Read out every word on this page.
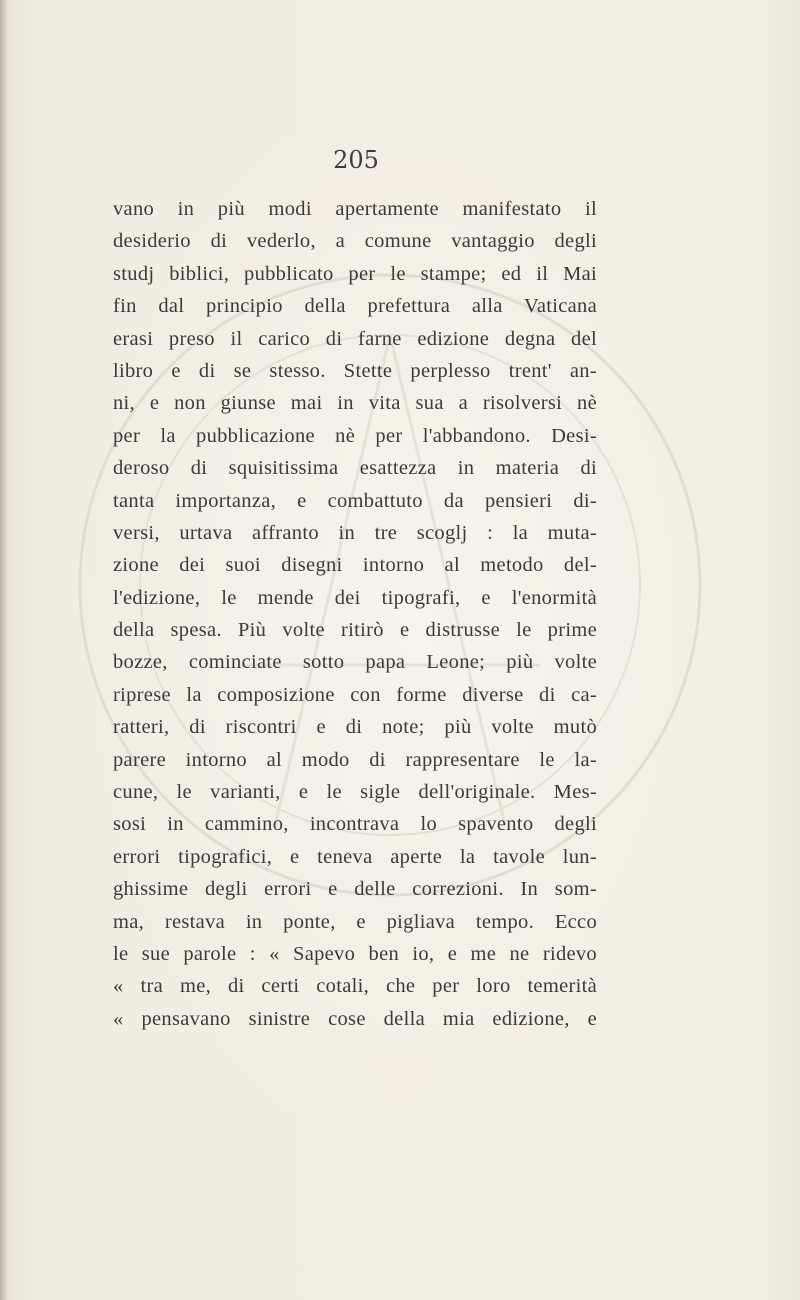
205
vano in più modi apertamente manifestato il
desiderio di vederlo, a comune vantaggio degli
studj biblici, pubblicato per le stampe; ed il Mai
fin dal principio della prefettura alla Vaticana
erasi preso il carico di farne edizione degna del
libro e di se stesso. Stette perplesso trent' an-
ni, e non giunse mai in vita sua a risolversi nè
per la pubblicazione nè per l'abbandono. Desi-
deroso di squisitissima esattezza in materia di
tanta importanza, e combattuto da pensieri di-
versi, urtava affranto in tre scoglj : la muta-
zione dei suoi disegni intorno al metodo del-
l'edizione, le mende dei tipografi, e l'enormità
della spesa. Più volte ritirò e distrusse le prime
bozze, cominciate sotto papa Leone; più volte
riprese la composizione con forme diverse di ca-
ratteri, di riscontri e di note; più volte mutò
parere intorno al modo di rappresentare le la-
cune, le varianti, e le sigle dell'originale. Mes-
sosi in cammino, incontrava lo spavento degli
errori tipografici, e teneva aperte la tavole lun-
ghissime degli errori e delle correzioni. In som-
ma, restava in ponte, e pigliava tempo. Ecco
le sue parole : « Sapevo ben io, e me ne ridevo
« tra me, di certi cotali, che per loro temerità
« pensavano sinistre cose della mia edizione, e
